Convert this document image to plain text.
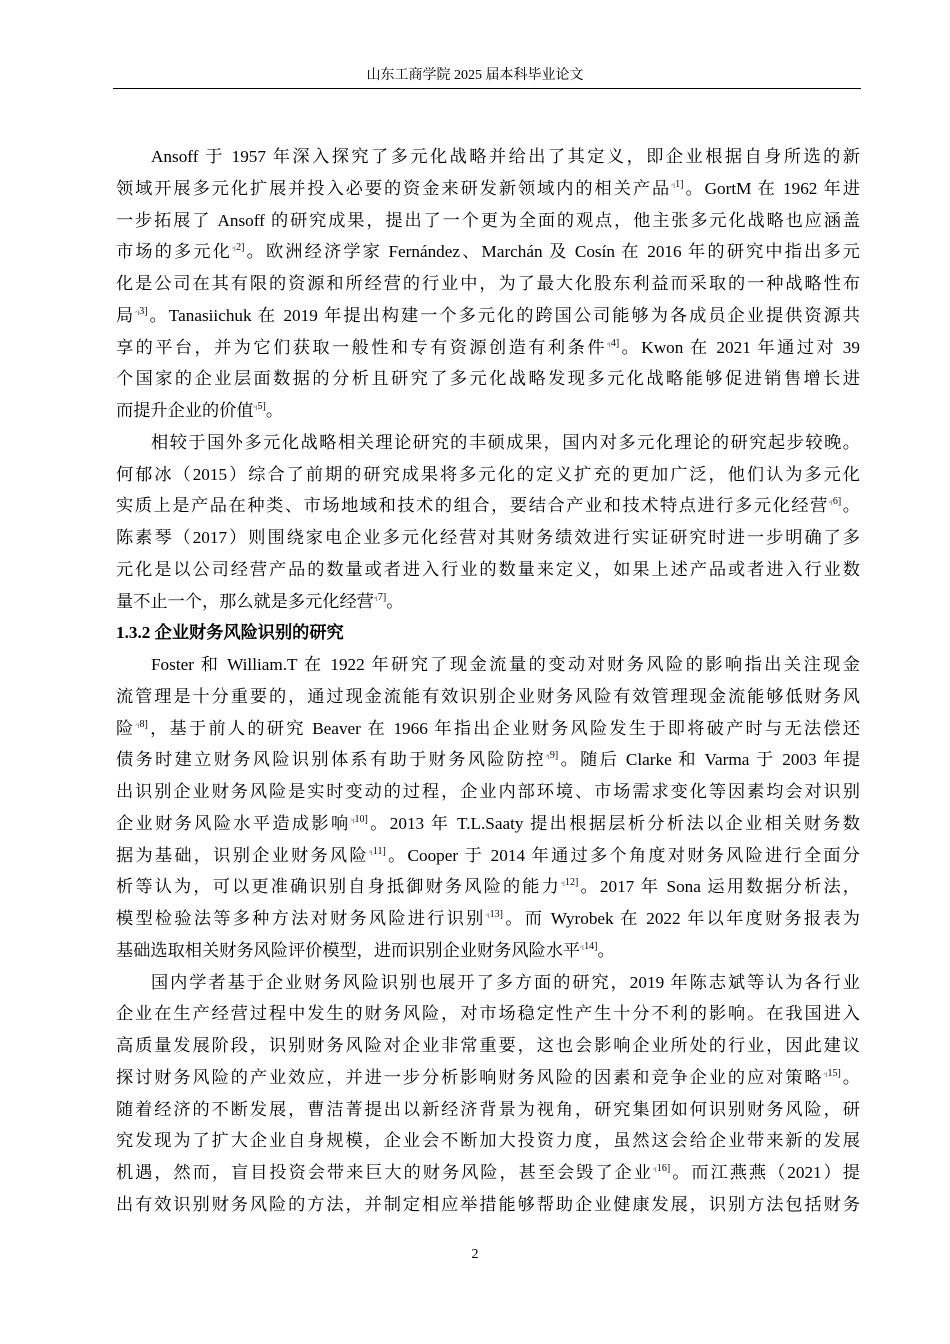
山东工商学院 2025 届本科毕业论文
Ansoff 于 1957 年深入探究了多元化战略并给出了其定义，即企业根据自身所选的新
领域开展多元化扩展并投入必要的资金来研发新领域内的相关产品$^{\^{}[1]}$。GortM 在 1962 年进
一步拓展了 Ansoff 的研究成果，提出了一个更为全面的观点，他主张多元化战略也应涵盖
市场的多元化$^{\^{}[2]}$。欧洲经济学家 Fernández、Marchán 及 Cosín 在 2016 年的研究中指出多元
化是公司在其有限的资源和所经营的行业中，为了最大化股东利益而采取的一种战略性布
局$^{\^{}[3]}$。Tanasiichuk 在 2019 年提出构建一个多元化的跨国公司能够为各成员企业提供资源共
享的平台，并为它们获取一般性和专有资源创造有利条件$^{\^{}[4]}$。Kwon 在 2021 年通过对 39
个国家的企业层面数据的分析且研究了多元化战略发现多元化战略能够促进销售增长进
而提升企业的价值$^{\^{}[5]}$。
相较于国外多元化战略相关理论研究的丰硕成果，国内对多元化理论的研究起步较晚。
何郁冰（2015）综合了前期的研究成果将多元化的定义扩充的更加广泛，他们认为多元化
实质上是产品在种类、市场地域和技术的组合，要结合产业和技术特点进行多元化经营$^{\^{}[6]}$。
陈素琴（2017）则围绕家电企业多元化经营对其财务绩效进行实证研究时进一步明确了多
元化是以公司经营产品的数量或者进入行业的数量来定义，如果上述产品或者进入行业数
量不止一个，那么就是多元化经营$^{\^{}[7]}$。
1.3.2 企业财务风险识别的研究
Foster 和 William.T 在 1922 年研究了现金流量的变动对财务风险的影响指出关注现金
流管理是十分重要的，通过现金流能有效识别企业财务风险有效管理现金流能够低财务风
险$^{\^{}[8]}$，基于前人的研究 Beaver 在 1966 年指出企业财务风险发生于即将破产时与无法偿还
债务时建立财务风险识别体系有助于财务风险防控$^{\^{}[9]}$。随后 Clarke 和 Varma 于 2003 年提
出识别企业财务风险是实时变动的过程，企业内部环境、市场需求变化等因素均会对识别
企业财务风险水平造成影响$^{\^{}[10]}$。2013 年 T.L.Saaty 提出根据层析分析法以企业相关财务数
据为基础，识别企业财务风险$^{\^{}[11]}$。Cooper 于 2014 年通过多个角度对财务风险进行全面分
析等认为，可以更准确识别自身抵御财务风险的能力$^{\^{}[12]}$。2017 年 Sona 运用数据分析法，
模型检验法等多种方法对财务风险进行识别$^{\^{}[13]}$。而 Wyrobek 在 2022 年以年度财务报表为
基础选取相关财务风险评价模型，进而识别企业财务风险水平$^{\^{}[14]}$。
国内学者基于企业财务风险识别也展开了多方面的研究，2019 年陈志斌等认为各行业
企业在生产经营过程中发生的财务风险，对市场稳定性产生十分不利的影响。在我国进入
高质量发展阶段，识别财务风险对企业非常重要，这也会影响企业所处的行业，因此建议
探讨财务风险的产业效应，并进一步分析影响财务风险的因素和竞争企业的应对策略$^{\^{}[15]}$。
随着经济的不断发展，曹洁菁提出以新经济背景为视角，研究集团如何识别财务风险，研
究发现为了扩大企业自身规模，企业会不断加大投资力度，虽然这会给企业带来新的发展
机遇，然而，盲目投资会带来巨大的财务风险，甚至会毁了企业$^{\^{}[16]}$。而江燕燕（2021）提
出有效识别财务风险的方法，并制定相应举措能够帮助企业健康发展，识别方法包括财务
2
